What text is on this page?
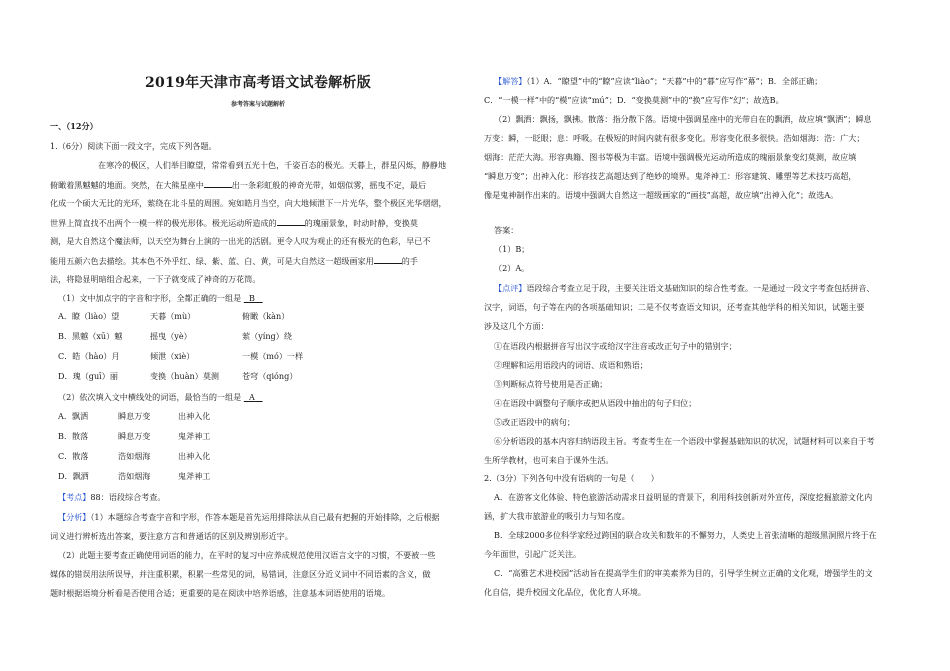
2019年天津市高考语文试卷解析版
参考答案与试题解析
一、（12分）
1.（6分）阅读下面一段文字，完成下列各题。
在寒冷的极区，人们举目瞭望，常常看到五光十色，千姿百态的极光。天暮上，群星闪烁，静静地
俯瞰着黑魆魆的地面。突然，在大熊星座中	出一条彩虹般的神奇光带，如烟似雾，摇曳不定，最后
化成一个硕大无比的光环，萦绕在北斗星的周围。宛如皓月当空，向大地倾泄下一片光华，整个极区光华熠熠，
世界上简直找不出两个一模一样的极光形体。极光运动所造成的	的瑰丽景象，时动时静，变换莫
测，是大自然这个魔法师，以天空为舞台上演的一出光的活剧。更令人叹为观止的还有极光的色彩，早已不
能用五颜六色去描绘。其本色不外乎红、绿、紫、蓝、白、黄，可是大自然这一超级画家用	的手
法，将隐显明暗组合起来，一下子就变成了神奇的万花筒。
（1）文中加点字的字音和字形，全都正确的一组是 B
A．瞭（liào）望	天暮（mù）	俯瞰（kàn）
B．黑魆（xū）魆	摇曳（yè）	萦（yíng）绕
C．皓（hào）月	倾泄（xiè）	一模（mó）一样
D．瑰（guī）丽	变换（huàn）莫测	苍穹（qióng）
（2）依次填入文中横线处的词语，最恰当的一组是 A
A．飘洒	瞬息万变	出神入化
B．散落	瞬息万变	鬼斧神工
C．散落	浩如烟海	出神入化
D．飘洒	浩如烟海	鬼斧神工
【考点】88：语段综合考查。
【分析】（1）本题综合考查字音和字形，作答本题是首先运用排除法从自己最有把握的开始排除，之后根据
词义进行辨析选出答案，要注意方言和普通话的区别及辨别形近字。
（2）此题主要考查正确使用词语的能力，在平时的复习中应养成规范使用汉语言文字的习惯，不要被一些
媒体的错误用法所误导，并注重积累，积累一些常见的词，易错词，注意区分近义词中不同语素的含义，做
题时根据语境分析看是否使用合适；更重要的是在阅读中培养语感，注意基本词语使用的语境。
【解答】（1）A．“瞭望”中的“瞭”应读“liào”；“天暮”中的“暮”应写作“幕”；B．全部正确；
C．“一模一样”中的“模”应读“mú”；D．“变换莫测”中的“换”应写作“幻”；故选B。
（2）飘洒：飘扬，飘拂。散落：指分散下落。语境中强调星座中的光带自在的飘洒，故应填“飘洒”；瞬息
万变：瞬，一眨眼；息：呼吸。在极短的时间内就有很多变化。形容变化很多很快。浩如烟海：浩：广大；
烟海：茫茫大海。形容典籍、图书等极为丰富。语境中强调极光运动所造成的瑰丽景象变幻莫测，故应填
“瞬息万变”；出神入化：形容技艺高超达到了绝妙的境界。鬼斧神工：形容建筑、雕塑等艺术技巧高超，
像是鬼神制作出来的。语境中强调大自然这一超级画家的“画技”高超，故应填“出神入化”；故选A。
答案：
（1）B；
（2）A。
【点评】语段综合考查立足于段，主要关注语文基础知识的综合性考查。一是通过一段文字考查包括拼音、
汉字，词语，句子等在内的各项基础知识；二是不仅考查语文知识，还考查其他学科的相关知识，试题主要
涉及这几个方面：
①在语段内根据拼音写出汉字或给汉字注音或改正句子中的错别字；
②理解和运用语段内的词语、成语和熟语；
③判断标点符号使用是否正确；
④在语段中调整句子顺序或把从语段中抽出的句子归位；
⑤改正语段中的病句；
⑥分析语段的基本内容归纳语段主旨。考查考生在一个语段中掌握基础知识的状况，试题材料可以来自于考
生所学教材，也可来自于课外生活。
2.（3分）下列各句中没有语病的一句是（　　）
A．在游客文化体验、特色旅游活动需求日益明显的背景下，利用科技创新对外宣传，深度挖掘旅游文化内
涵，扩大我市旅游业的吸引力与知名度。
B．全球2000多位科学家经过跨国的联合攻关和数年的不懈努力，人类史上首张清晰的超级黑洞照片终于在
今年面世，引起广泛关注。
C．“高雅艺术进校园”活动旨在提高学生们的审美素养为目的，引导学生树立正确的文化观，增强学生的文
化自信，提升校园文化品位，优化育人环境。
